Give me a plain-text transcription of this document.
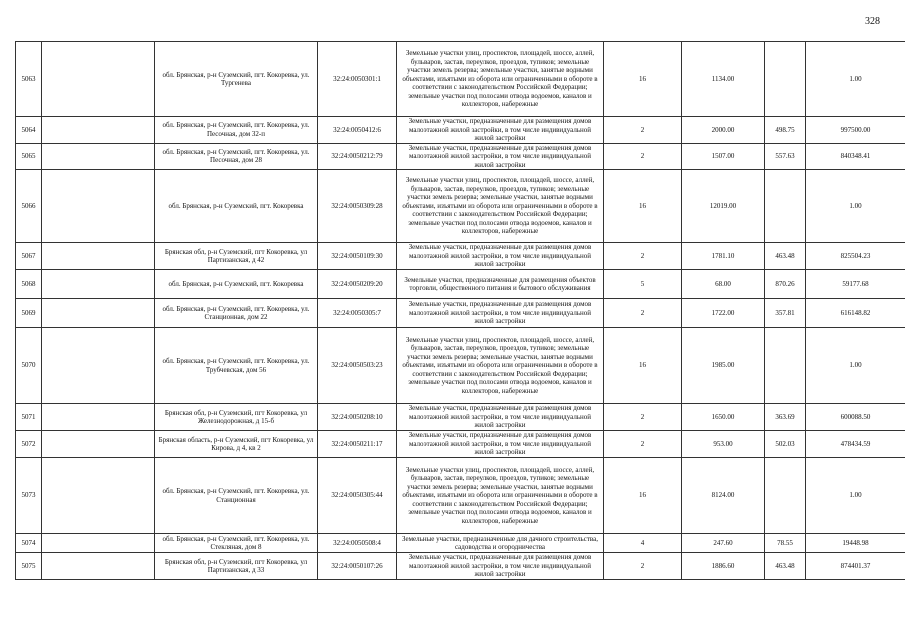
328
5063		обл. Брянская, р-н Суземский, пгт. Кокоревка, ул. Тургенева	32:24:0050301:1	Земельные участки улиц, проспектов, площадей, шоссе, аллей, бульваров, застав, переулков, проездов, тупиков; земельные участки земель резерва; земельные участки, занятые водными объектами, изъятыми из оборота или ограниченными в обороте в соответствии с законодательством Российской Федерации; земельные участки под полосами отвода водоемов, каналов и коллекторов, набережные	16	1134.00		1.00
5064		обл. Брянская, р-н Суземский, пгт. Кокоревка, ул. Песочная, дом 32-п	32:24:0050412:6	Земельные участки, предназначенные для размещения домов малоэтажной жилой застройки, в том числе индивидуальной жилой застройки	2	2000.00	498.75	997500.00
5065		обл. Брянская, р-н Суземский, пгт. Кокоревка, ул. Песочная, дом 28	32:24:0050212:79	Земельные участки, предназначенные для размещения домов малоэтажной жилой застройки, в том числе индивидуальной жилой застройки	2	1507.00	557.63	840348.41
5066		обл. Брянская, р-н Суземский, пгт. Кокоревка	32:24:0050309:28	Земельные участки улиц, проспектов, площадей, шоссе, аллей, бульваров, застав, переулков, проездов, тупиков; земельные участки земель резерва; земельные участки, занятые водными объектами, изъятыми из оборота или ограниченными в обороте в соответствии с законодательством Российской Федерации; земельные участки под полосами отвода водоемов, каналов и коллекторов, набережные	16	12019.00		1.00
5067		Брянская обл, р-н Суземский, пгт Кокоревка, ул Партизанская, д 42	32:24:0050109:30	Земельные участки, предназначенные для размещения домов малоэтажной жилой застройки, в том числе индивидуальной жилой застройки	2	1781.10	463.48	825504.23
5068		обл. Брянская, р-н Суземский, пгт. Кокоревка	32:24:0050209:20	Земельные участки, предназначенные для размещения объектов торговли, общественного питания и бытового обслуживания	5	68.00	870.26	59177.68
5069		обл. Брянская, р-н Суземский, пгт. Кокоревка, ул. Станционная, дом 22	32:24:0050305:7	Земельные участки, предназначенные для размещения домов малоэтажной жилой застройки, в том числе индивидуальной жилой застройки	2	1722.00	357.81	616148.82
5070		обл. Брянская, р-н Суземский, пгт. Кокоревка, ул. Трубчевская, дом 56	32:24:0050503:23	Земельные участки улиц, проспектов, площадей, шоссе, аллей, бульваров, застав, переулков, проездов, тупиков; земельные участки земель резерва; земельные участки, занятые водными объектами, изъятыми из оборота или ограниченными в обороте в соответствии с законодательством Российской Федерации; земельные участки под полосами отвода водоемов, каналов и коллекторов, набережные	16	1985.00		1.00
5071		Брянская обл, р-н Суземский, пгт Кокоревка, ул Железнодорожная, д 15-б	32:24:0050208:10	Земельные участки, предназначенные для размещения домов малоэтажной жилой застройки, в том числе индивидуальной жилой застройки	2	1650.00	363.69	600088.50
5072		Брянская область, р-н Суземский, пгт Кокоревка, ул Кирова, д 4, кв 2	32:24:0050211:17	Земельные участки, предназначенные для размещения домов малоэтажной жилой застройки, в том числе индивидуальной жилой застройки	2	953.00	502.03	478434.59
5073		обл. Брянская, р-н Суземский, пгт. Кокоревка, ул. Станционная	32:24:0050305:44	Земельные участки улиц, проспектов, площадей, шоссе, аллей, бульваров, застав, переулков, проездов, тупиков; земельные участки земель резерва; земельные участки, занятые водными объектами, изъятыми из оборота или ограниченными в обороте в соответствии с законодательством Российской Федерации; земельные участки под полосами отвода водоемов, каналов и коллекторов, набережные	16	8124.00		1.00
5074		обл. Брянская, р-н Суземский, пгт. Кокоревка, ул. Стекляная, дом 8	32:24:0050508:4	Земельные участки, предназначенные для дачного строительства, садоводства и огородничества	4	247.60	78.55	19448.98
5075		Брянская обл, р-н Суземский, пгт Кокоревка, ул Партизанская, д 33	32:24:0050107:26	Земельные участки, предназначенные для размещения домов малоэтажной жилой застройки, в том числе индивидуальной жилой застройки	2	1886.60	463.48	874401.37
